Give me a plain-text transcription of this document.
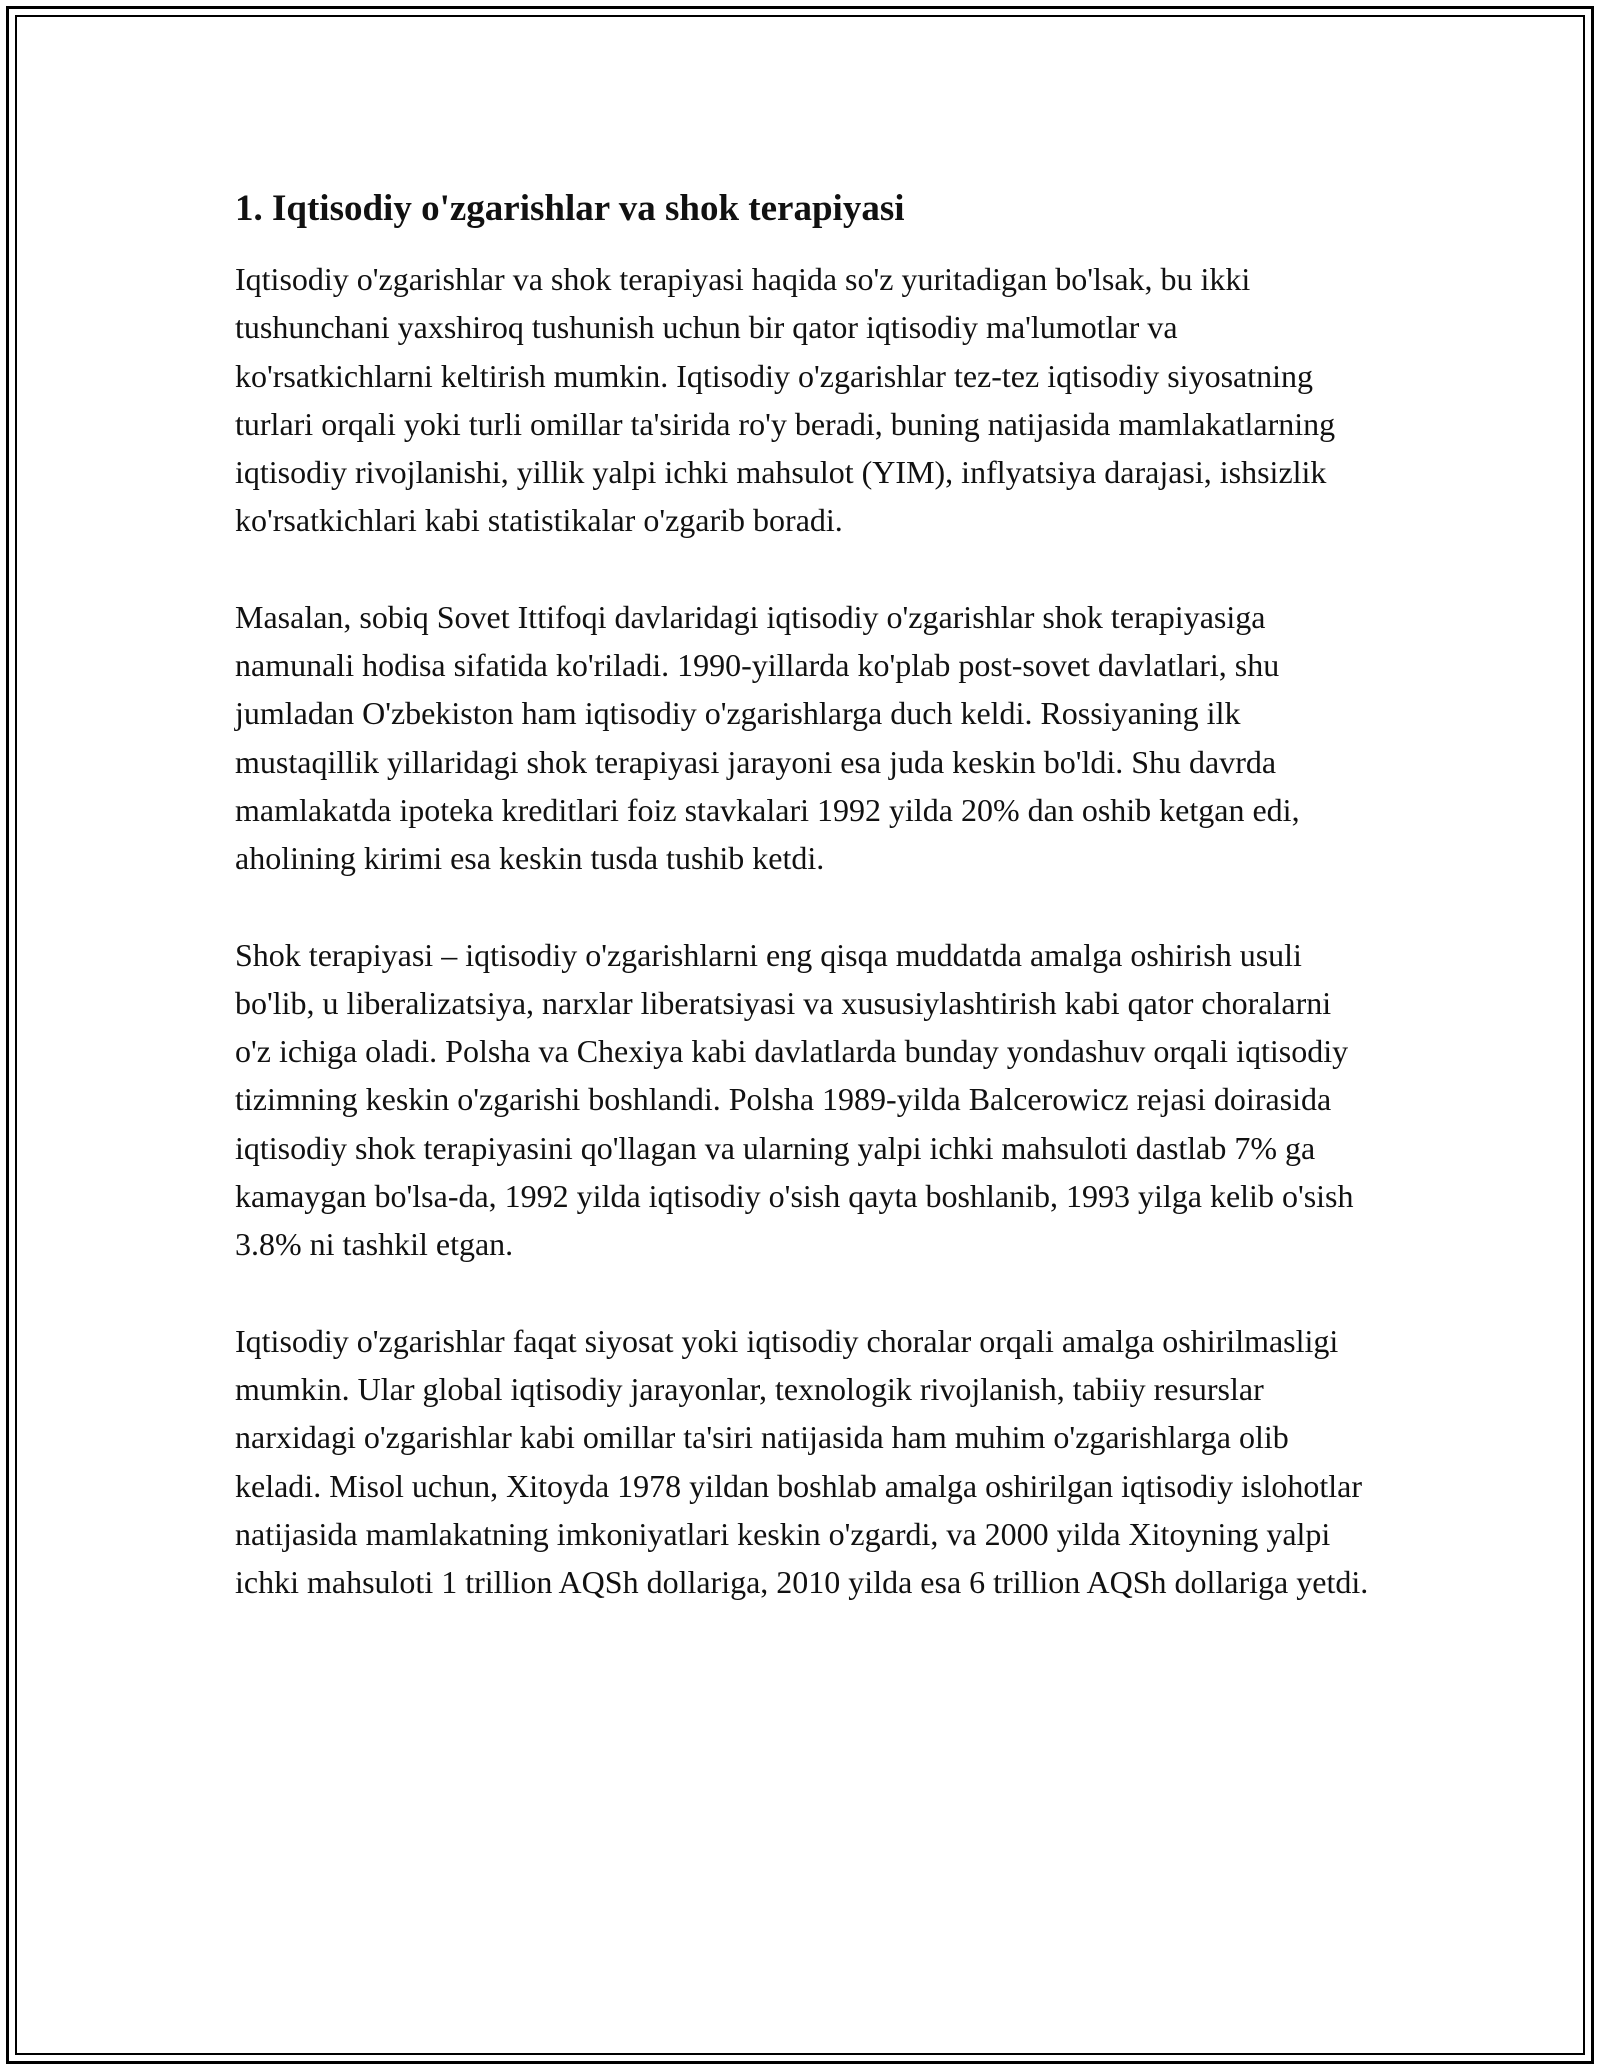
1. Iqtisodiy o'zgarishlar va shok terapiyasi

Iqtisodiy o'zgarishlar va shok terapiyasi haqida so'z yuritadigan bo'lsak, bu ikki tushunchani yaxshiroq tushunish uchun bir qator iqtisodiy ma'lumotlar va ko'rsatkichlarni keltirish mumkin. Iqtisodiy o'zgarishlar tez-tez iqtisodiy siyosatning turlari orqali yoki turli omillar ta'sirida ro'y beradi, buning natijasida mamlakatlarning iqtisodiy rivojlanishi, yillik yalpi ichki mahsulot (YIM), inflyatsiya darajasi, ishsizlik ko'rsatkichlari kabi statistikalar o'zgarib boradi.

Masalan, sobiq Sovet Ittifoqi davlaridagi iqtisodiy o'zgarishlar shok terapiyasiga namunali hodisa sifatida ko'riladi. 1990-yillarda ko'plab post-sovet davlatlari, shu jumladan O'zbekiston ham iqtisodiy o'zgarishlarga duch keldi. Rossiyaning ilk mustaqillik yillaridagi shok terapiyasi jarayoni esa juda keskin bo'ldi. Shu davrda mamlakatda ipoteka kreditlari foiz stavkalari 1992 yilda 20% dan oshib ketgan edi, aholining kirimi esa keskin tusda tushib ketdi.

Shok terapiyasi – iqtisodiy o'zgarishlarni eng qisqa muddatda amalga oshirish usuli bo'lib, u liberalizatsiya, narxlar liberatsiyasi va xususiylashtirish kabi qator choralarni o'z ichiga oladi. Polsha va Chexiya kabi davlatlarda bunday yondashuv orqali iqtisodiy tizimning keskin o'zgarishi boshlandi. Polsha 1989-yilda Balcerowicz rejasi doirasida iqtisodiy shok terapiyasini qo'llagan va ularning yalpi ichki mahsuloti dastlab 7% ga kamaygan bo'lsa-da, 1992 yilda iqtisodiy o'sish qayta boshlanib, 1993 yilga kelib o'sish 3.8% ni tashkil etgan.

Iqtisodiy o'zgarishlar faqat siyosat yoki iqtisodiy choralar orqali amalga oshirilmasligi mumkin. Ular global iqtisodiy jarayonlar, texnologik rivojlanish, tabiiy resurslar narxidagi o'zgarishlar kabi omillar ta'siri natijasida ham muhim o'zgarishlarga olib keladi. Misol uchun, Xitoyda 1978 yildan boshlab amalga oshirilgan iqtisodiy islohotlar natijasida mamlakatning imkoniyatlari keskin o'zgardi, va 2000 yilda Xitoyning yalpi ichki mahsuloti 1 trillion AQSh dollariga, 2010 yilda esa 6 trillion AQSh dollariga yetdi.
